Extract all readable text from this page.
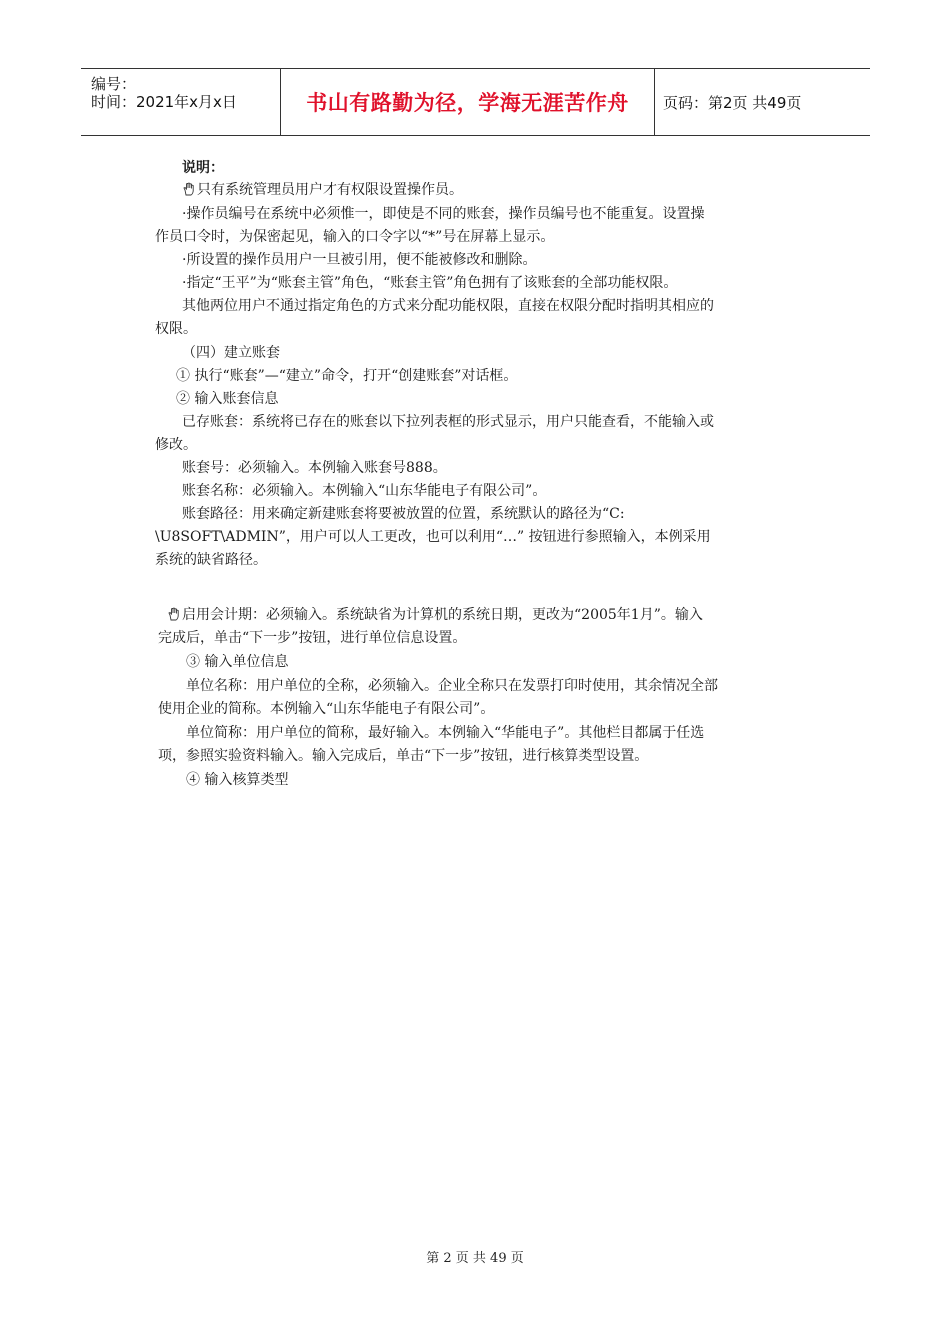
编号：
时间：2021年x月x日	书山有路勤为径，学海无涯苦作舟 页码：第2页 共49页
说明：
只有系统管理员用户才有权限设置操作员。
·操作员编号在系统中必须惟一，即使是不同的账套，操作员编号也不能重复。设置操
作员口令时，为保密起见，输入的口令字以“*”号在屏幕上显示。
·所设置的操作员用户一旦被引用，便不能被修改和删除。
·指定“王平”为“账套主管”角色，“账套主管”角色拥有了该账套的全部功能权限。
其他两位用户不通过指定角色的方式来分配功能权限，直接在权限分配时指明其相应的
权限。
（四）建立账套
① 执行“账套”—“建立”命令，打开“创建账套”对话框。
② 输入账套信息
已存账套：系统将已存在的账套以下拉列表框的形式显示，用户只能查看，不能输入或
修改。
账套号：必须输入。本例输入账套号888。
账套名称：必须输入。本例输入“山东华能电子有限公司”。
账套路径：用来确定新建账套将要被放置的位置，系统默认的路径为“C:
\U8SOFT\ADMIN”，用户可以人工更改，也可以利用“…” 按钮进行参照输入，本例采用
系统的缺省路径。
启用会计期：必须输入。系统缺省为计算机的系统日期，更改为“2005年1月”。输入
完成后，单击“下一步”按钮，进行单位信息设置。
③ 输入单位信息
单位名称：用户单位的全称，必须输入。企业全称只在发票打印时使用，其余情况全部
使用企业的简称。本例输入“山东华能电子有限公司”。
单位简称：用户单位的简称，最好输入。本例输入“华能电子”。其他栏目都属于任选
项，参照实验资料输入。输入完成后，单击“下一步”按钮，进行核算类型设置。
④ 输入核算类型
第 2 页 共 49 页
